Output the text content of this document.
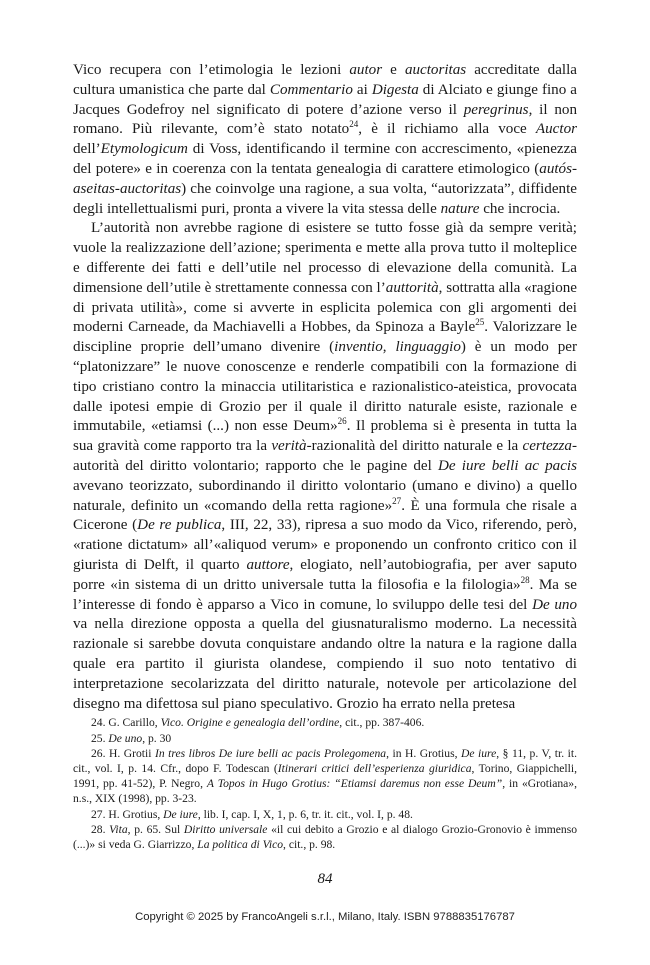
Vico recupera con l’etimologia le lezioni autor e auctoritas accreditate dalla cultura umanistica che parte dal Commentario ai Digesta di Alciato e giunge fino a Jacques Godefroy nel significato di potere d’azione verso il peregrinus, il non romano. Più rilevante, com’è stato notato$^{24}$, è il richiamo alla voce Auctor dell’Etymologicum di Voss, identificando il termine con accrescimento, «pienezza del potere» e in coerenza con la tentata genealogia di carattere etimologico (autós-aseitas-auctoritas) che coinvolge una ragione, a sua volta, “autorizzata”, diffidente degli intellettualismi puri, pronta a vivere la vita stessa delle nature che incrocia.

L’autorità non avrebbe ragione di esistere se tutto fosse già da sempre verità; vuole la realizzazione dell’azione; sperimenta e mette alla prova tutto il molteplice e differente dei fatti e dell’utile nel processo di elevazione della comunità. La dimensione dell’utile è strettamente connessa con l’auttorità, sottratta alla «ragione di privata utilità», come si avverte in esplicita polemica con gli argomenti dei moderni Carneade, da Machiavelli a Hobbes, da Spinoza a Bayle$^{25}$. Valorizzare le discipline proprie dell’umano divenire (inventio, linguaggio) è un modo per “platonizzare” le nuove conoscenze e renderle compatibili con la formazione di tipo cristiano contro la minaccia utilitaristica e razionalistico-ateistica, provocata dalle ipotesi empie di Grozio per il quale il diritto naturale esiste, razionale e immutabile, «etiamsi (...) non esse Deum»$^{26}$. Il problema si è presenta in tutta la sua gravità come rapporto tra la verità-razionalità del diritto naturale e la certezza-autorità del diritto volontario; rapporto che le pagine del De iure belli ac pacis avevano teorizzato, subordinando il diritto volontario (umano e divino) a quello naturale, definito un «comando della retta ragione»$^{27}$. È una formula che risale a Cicerone (De re publica, III, 22, 33), ripresa a suo modo da Vico, riferendo, però, «ratione dictatum» all’«aliquod verum» e proponendo un confronto critico con il giurista di Delft, il quarto auttore, elogiato, nell’autobiografia, per aver saputo porre «in sistema di un dritto universale tutta la filosofia e la filologia»$^{28}$. Ma se l’interesse di fondo è apparso a Vico in comune, lo sviluppo delle tesi del De uno va nella direzione opposta a quella del giusnaturalismo moderno. La necessità razionale si sarebbe dovuta conquistare andando oltre la natura e la ragione dalla quale era partito il giurista olandese, compiendo il suo noto tentativo di interpretazione secolarizzata del diritto naturale, notevole per articolazione del disegno ma difettosa sul piano speculativo. Grozio ha errato nella pretesa

24. G. Carillo, Vico. Origine e genealogia dell’ordine, cit., pp. 387-406.

25. De uno, p. 30

26. H. Grotii In tres libros De iure belli ac pacis Prolegomena, in H. Grotius, De iure, § 11, p. V, tr. it. cit., vol. I, p. 14. Cfr., dopo F. Todescan (Itinerari critici dell’esperienza giuridica, Torino, Giappichelli, 1991, pp. 41-52), P. Negro, A Topos in Hugo Grotius: “Etiamsi daremus non esse Deum”, in «Grotiana», n.s., XIX (1998), pp. 3-23.

27. H. Grotius, De iure, lib. I, cap. I, X, 1, p. 6, tr. it. cit., vol. I, p. 48.

28. Vita, p. 65. Sul Diritto universale «il cui debito a Grozio e al dialogo Grozio-Gronovio è immenso (...)» si veda G. Giarrizzo, La politica di Vico, cit., p. 98.

84
Copyright © 2025 by FrancoAngeli s.r.l., Milano, Italy. ISBN 9788835176787
